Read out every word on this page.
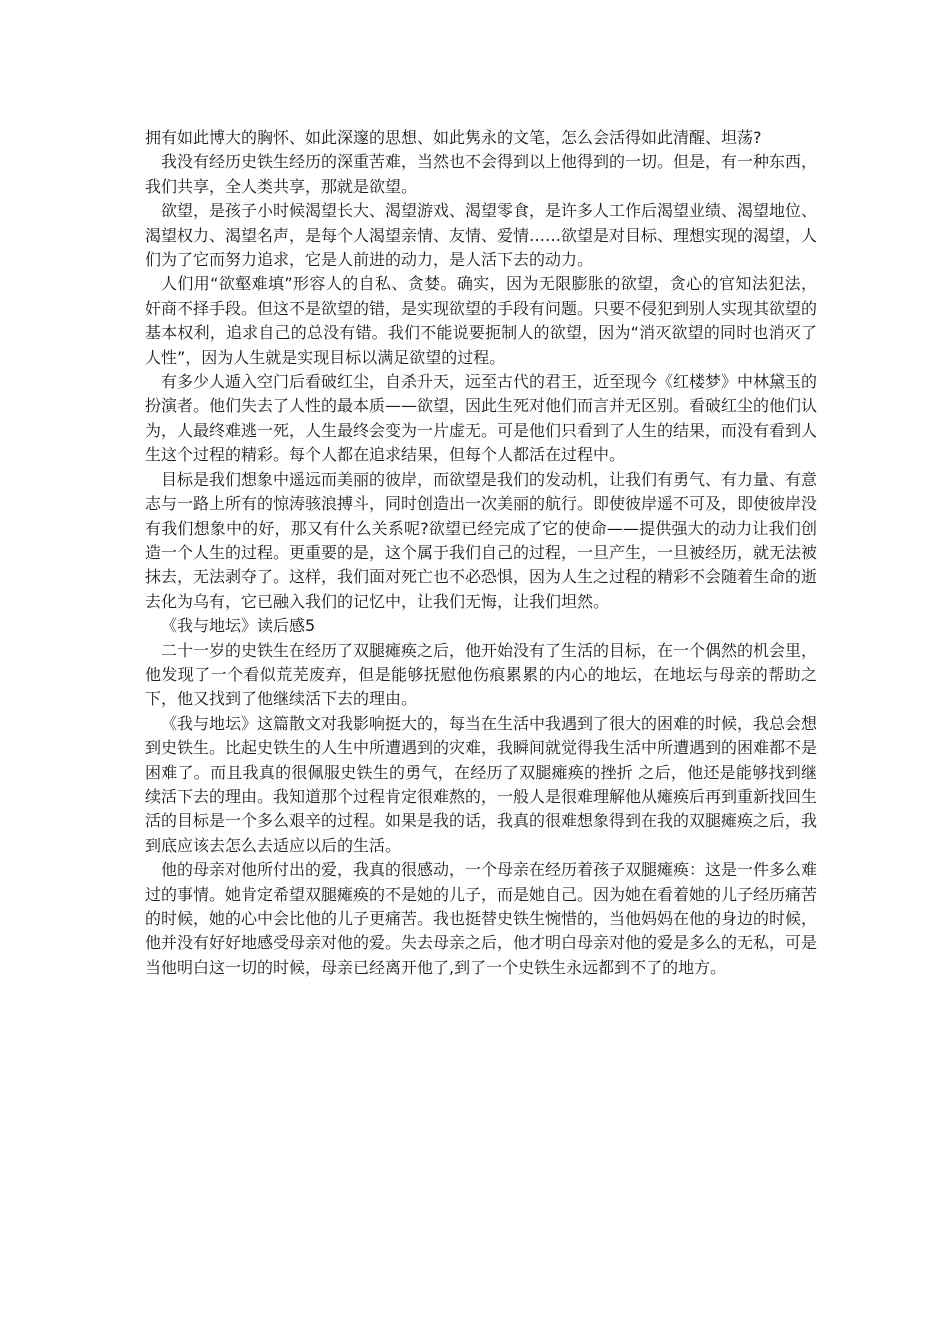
拥有如此博大的胸怀、如此深邃的思想、如此隽永的文笔，怎么会活得如此清醒、坦荡?

我没有经历史铁生经历的深重苦难，当然也不会得到以上他得到的一切。但是，有一种东西，我们共享，全人类共享，那就是欲望。

欲望，是孩子小时候渴望长大、渴望游戏、渴望零食，是许多人工作后渴望业绩、渴望地位、渴望权力、渴望名声，是每个人渴望亲情、友情、爱情……欲望是对目标、理想实现的渴望，人们为了它而努力追求，它是人前进的动力，是人活下去的动力。

人们用“欲壑难填”形容人的自私、贪婪。确实，因为无限膨胀的欲望，贪心的官知法犯法，奸商不择手段。但这不是欲望的错，是实现欲望的手段有问题。只要不侵犯到别人实现其欲望的基本权利，追求自己的总没有错。我们不能说要扼制人的欲望，因为“消灭欲望的同时也消灭了人性”，因为人生就是实现目标以满足欲望的过程。

有多少人遁入空门后看破红尘，自杀升天，远至古代的君王，近至现今《红楼梦》中林黛玉的扮演者。他们失去了人性的最本质——欲望，因此生死对他们而言并无区别。看破红尘的他们认为，人最终难逃一死，人生最终会变为一片虚无。可是他们只看到了人生的结果，而没有看到人生这个过程的精彩。每个人都在追求结果，但每个人都活在过程中。

目标是我们想象中遥远而美丽的彼岸，而欲望是我们的发动机，让我们有勇气、有力量、有意志与一路上所有的惊涛骇浪搏斗，同时创造出一次美丽的航行。即使彼岸遥不可及，即使彼岸没有我们想象中的好，那又有什么关系呢?欲望已经完成了它的使命——提供强大的动力让我们创造一个人生的过程。更重要的是，这个属于我们自己的过程，一旦产生，一旦被经历，就无法被抹去，无法剥夺了。这样，我们面对死亡也不必恐惧，因为人生之过程的精彩不会随着生命的逝去化为乌有，它已融入我们的记忆中，让我们无悔，让我们坦然。

《我与地坛》读后感5

二十一岁的史铁生在经历了双腿瘫痪之后，他开始没有了生活的目标，在一个偶然的机会里，他发现了一个看似荒芜废弃，但是能够抚慰他伤痕累累的内心的地坛，在地坛与母亲的帮助之下，他又找到了他继续活下去的理由。

《我与地坛》这篇散文对我影响挺大的，每当在生活中我遇到了很大的困难的时候，我总会想到史铁生。比起史铁生的人生中所遭遇到的灾难，我瞬间就觉得我生活中所遭遇到的困难都不是困难了。而且我真的很佩服史铁生的勇气，在经历了双腿瘫痪的挫折 之后，他还是能够找到继续活下去的理由。我知道那个过程肯定很难熬的，一般人是很难理解他从瘫痪后再到重新找回生活的目标是一个多么艰辛的过程。如果是我的话，我真的很难想象得到在我的双腿瘫痪之后，我到底应该去怎么去适应以后的生活。

他的母亲对他所付出的爱，我真的很感动，一个母亲在经历着孩子双腿瘫痪：这是一件多么难过的事情。她肯定希望双腿瘫痪的不是她的儿子，而是她自己。因为她在看着她的儿子经历痛苦的时候，她的心中会比他的儿子更痛苦。我也挺替史铁生惋惜的，当他妈妈在他的身边的时候，他并没有好好地感受母亲对他的爱。失去母亲之后，他才明白母亲对他的爱是多么的无私，可是当他明白这一切的时候，母亲已经离开他了,到了一个史铁生永远都到不了的地方。
